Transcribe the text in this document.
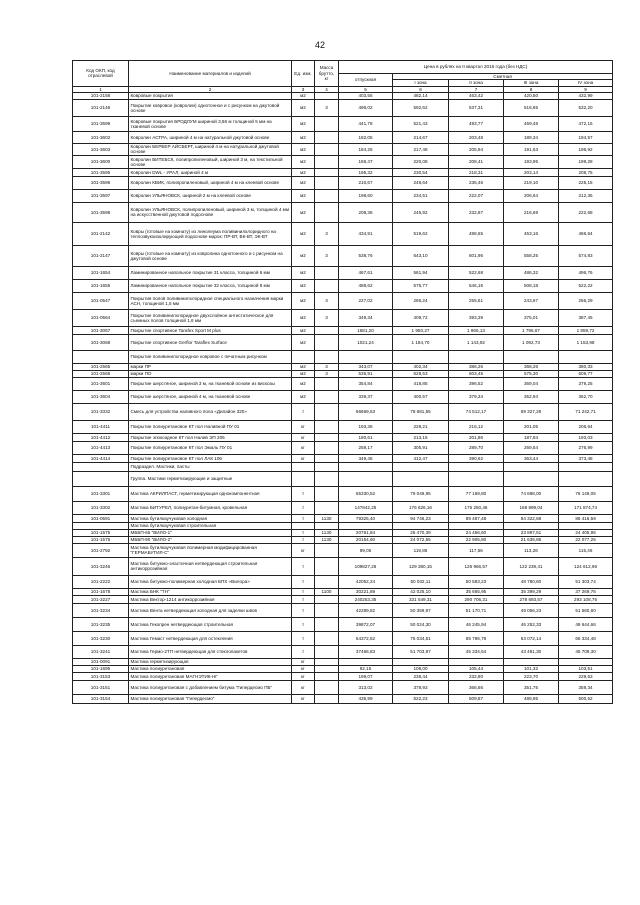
42
Код ОКП, код отраслевой	Наименование материалов и изделий	Ед. изм.	Масса брутто, кг	Цена в рублях на II квартал 2016 года (без НДС)				
				отпускная	Сметная			
					I зона	II зона	III зона	IV зона
1	2	3	4	5	6	7	8	9
101-2158	Ковровые покрытия	м2		403,55	482,14	463,42	420,50	432,99
101-2146	Покрытие ковровое (ковролин) однотонное и с рисунком на джутовой основе	м2	3	496,02	592,62	537,31	516,85	532,20
101-3599	Ковровые покрытия БРОДЛУМ шириной 3,66 м толщиной 5 мм на тканевой основе	м2		441,78	521,43	493,77	459,48	472,15
101-3602	Ковролин АСТРА, шириной 4 м на натуральной джутовой основе	м2		182,05	214,67	203,48	189,34	194,57
101-3603	Ковролин БЕРБЕР АЙСБЕРГ, шириной 4 м на натуральной джутовой основе	м2		184,26	217,48	205,94	191,63	196,92
101-3600	Ковролин ВИТЕБСК, полипропиленовый, шириной 3 м, на текстильной основе	м2		186,47	220,08	208,41	193,95	199,28
101-3595	Ковролин DWL - УРАЛ, шириной 4 м	м2		195,32	230,54	218,31	203,14	208,75
101-3596	Ковролин КВИК, полипропиленовый, шириной 4 м на клеевой основе	м2		210,67	248,64	235,46	219,10	225,15
101-3597	Ковролин УЛЬЯНОВСК, шириной 2 м на клеевой основе	м2		198,60	234,51	222,07	206,64	212,35
101-3598	Ковролин УЛЬЯНОВСК, полипропиленовый, шириной 3 м, толщиной 4 мм на искусственной джутовой подоснове	м2		208,36	245,92	232,87	216,69	222,68
101-2142	Ковры (готовые на комнату) из линолеума поливинилхлоридного на теплозвукоизолирующей подоснове марок: ПР-ВТ, ВК-ВТ, ЭК-ВТ	м2	3	434,91	519,62	488,65	453,16	466,64
101-2147	Ковры (готовые на комнату) из ковролина однотонного и с рисунком на джутовой основе	м2	3	538,76	643,10	601,96	558,25	574,83
101-1654	Ламинированное напольное покрытие 31 класса, толщиной 6 мм	м2		467,61	561,94	522,68	486,32	496,76
101-1655	Ламинированное напольное покрытие 32 класса, толщиной 8 мм	м2		488,62	575,77	546,16	508,18	522,22
101-0547	Покрытия полов поливинилхлоридное специального назначения марки АСН, толщиной 1,5 мм	м2	3	227,02	266,24	255,61	243,67	256,29
101-0564	Покрытие поливинилхлоридное двухслойное антистатическое для съемных полов толщиной 1,6 мм	м2	3	349,34	409,72	393,39	375,01	387,45
101-3067	Покрытие спортивное Tarafex Sport M plus	м2		1681,20	1 950,27	1 865,13	1 796,67	1 859,72
101-3068	Покрытие спортивное Gerflor Taraflex Surface	м2		1021,24	1 184,70	1 143,92	1 092,73	1 153,98
	Покрытие поливинилхлоридное ковровое с печатным рисунком							
101-2565	марки ПР	м2	3	343,07	402,34	386,26	368,26	380,33
101-2566	марки ПО	м2	3	536,91	628,53	603,45	575,30	609,77
101-3601	Покрытие шерстяное, шириной 3 м, на тканевой основе из вискозы	м2		354,84	418,85	396,52	369,04	379,25
101-3604	Покрытие шерстяное, шириной 4 м, на тканевой основе	м2		339,37	400,57	379,34	352,94	362,70
101-3332	Смесь для устройства наливного пола «Дилайон 320»	т		66669,53	78 681,55	74 512,17	69 327,28	71 242,71
101-4411	Покрытие полиуретановое КТ пол Наливной ПУ 01	кг		193,36	228,21	216,12	201,05	206,64
101-4412	Покрытие эпоксидное КТ пол Налив ЭП 205	кг		180,61	213,16	201,86	187,84	193,03
101-4413	Покрытие полиуретановое КТ пол Эмаль ПУ 01	кг		259,17	305,91	289,70	269,54	276,99
101-4414	Покрытие полиуретановое КТ пол ЛАК 106	кг		349,46	412,47	390,62	363,44	373,48
	Подраздел. Мастики, пасты							
	Группа. Мастики герметизирующие и защитные							
101-3301	Мастика АКРИЛПАСТ, герметизирующая однокомпонентная	т		65330,52	79 049,95	77 169,80	74 698,00	76 149,05
101-3302	Мастика БИТУРЕЛ, полиуретан-битумная, кровельная	т		147842,25	176 626,16	175 250,46	168 899,04	171 874,74
101-0591	Мастика бутилкаучуковая холодная	т	1130	79325,40	94 746,23	89 487,48	84 322,68	86 416,59
	Мастика бутилкаучуковая строительная							
101-1575	МББП-65 "ВИЛО-1"	т	1130	20761,84	25 470,39	24 456,60	23 897,51	24 405,96
101-1576	МББП-90 "ВИЛО-2"	т	1130	20154,60	24 072,55	22 905,80	21 635,86	22 077,25
101-2792	Мастика бутилкаучуковая полимерная модифицированная "ГЕРМАБУТИЛ-С"	кг		99,05	119,86	117,56	113,26	115,46
101-3246	Мастика битумно-эластичная нетвердеющая строительная антикоррозийная	т		109827,26	129 380,15	126 966,57	122 239,41	124 612,96
101-2222	Мастика битумно-полимерная холодная БПХ «Вилора»	т		42052,24	50 032,11	50 583,23	48 780,60	51 303,74
101-1678	Мастика БНК "ТН"	т	1100	30221,89	42 025,10	35 665,95	35 399,29	37 269,76
101-3227	Мастика Вектор-1214 антикоррозийная	т		240253,35	331 549,31	290 706,31	278 693,57	293 108,76
101-3234	Мастика Вента нетвердеющая холодная для заделки швов	т		42289,82	50 359,97	51 170,71	49 056,23	51 560,60
101-3235	Мастика Гекопрен нетвердеющая строительная	т		39872,07	50 024,30	46 245,94	46 252,33	49 644,66
101-3230	Мастика Гемаст нетвердеющая для остекления	т		54372,52	75 034,51	65 796,78	63 072,14	66 334,48
101-3241	Мастика Гермо-2ТП нетвердеющая для стеклопакетов	т		37466,83	51 703,97	45 334,64	43 461,30	45 709,30
101-0091	Мастика герметизирующая	кг						
101-1695	Мастика полиуретановая	кг		92,15	108,00	105,44	101,32	103,51
101-3153	Мастика полиуретановая МАГНЭТИК-НГ	кг		199,07	236,44	232,80	223,70	229,53
101-3151	Мастика полиуретановая с добавлением битума "Гипердесмо ПБ"	кг		313,02	378,93	366,66	351,75	359,34
101-3154	Мастика полиуретановая "Гипердесмо"	кг		435,99	522,23	509,87	489,95	500,52
